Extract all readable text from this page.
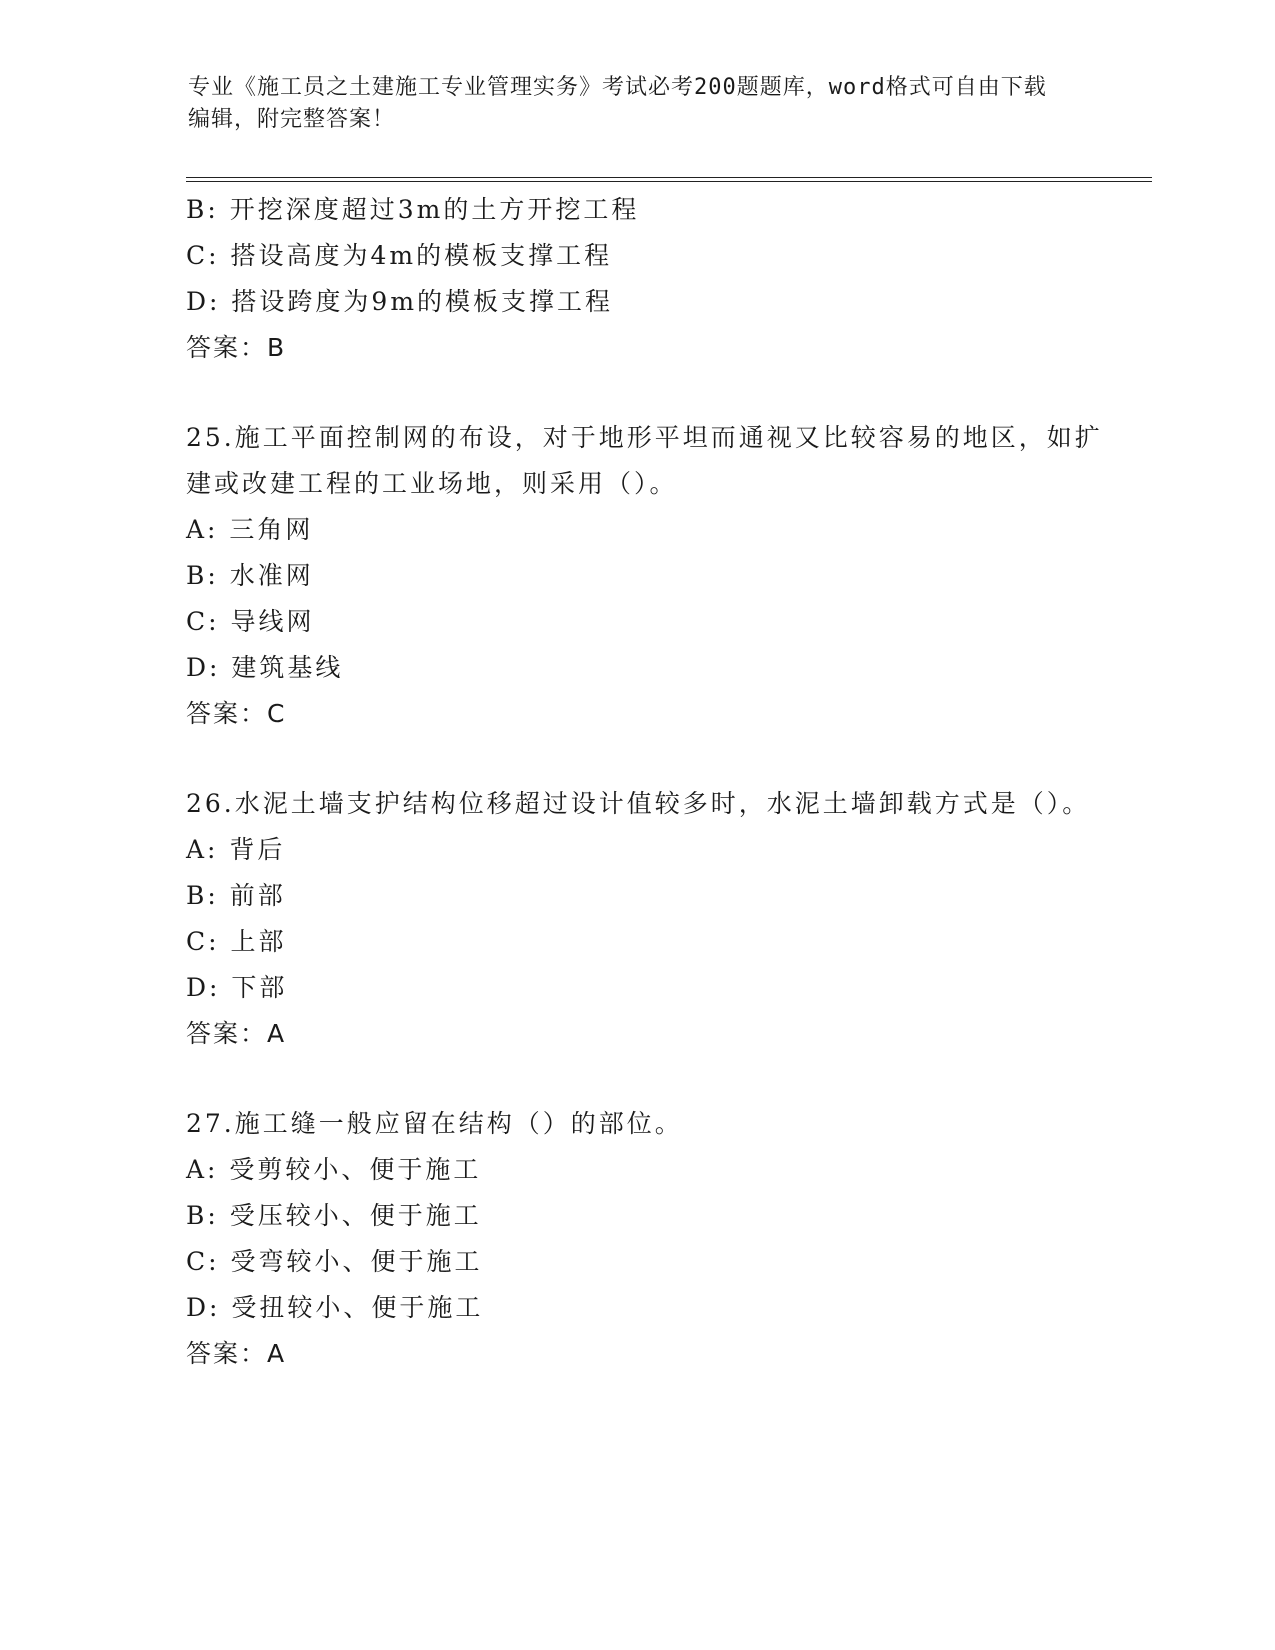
专业《施工员之土建施工专业管理实务》考试必考200题题库，word格式可自由下载编辑，附完整答案！
B: 开挖深度超过3m的土方开挖工程
C: 搭设高度为4m的模板支撑工程
D: 搭设跨度为9m的模板支撑工程
答案：B
25.施工平面控制网的布设，对于地形平坦而通视又比较容易的地区，如扩建或改建工程的工业场地，则采用（）。
A: 三角网
B: 水准网
C: 导线网
D: 建筑基线
答案：C
26.水泥土墙支护结构位移超过设计值较多时，水泥土墙卸载方式是（）。
A: 背后
B: 前部
C: 上部
D: 下部
答案：A
27.施工缝一般应留在结构（）的部位。
A: 受剪较小、便于施工
B: 受压较小、便于施工
C: 受弯较小、便于施工
D: 受扭较小、便于施工
答案：A
